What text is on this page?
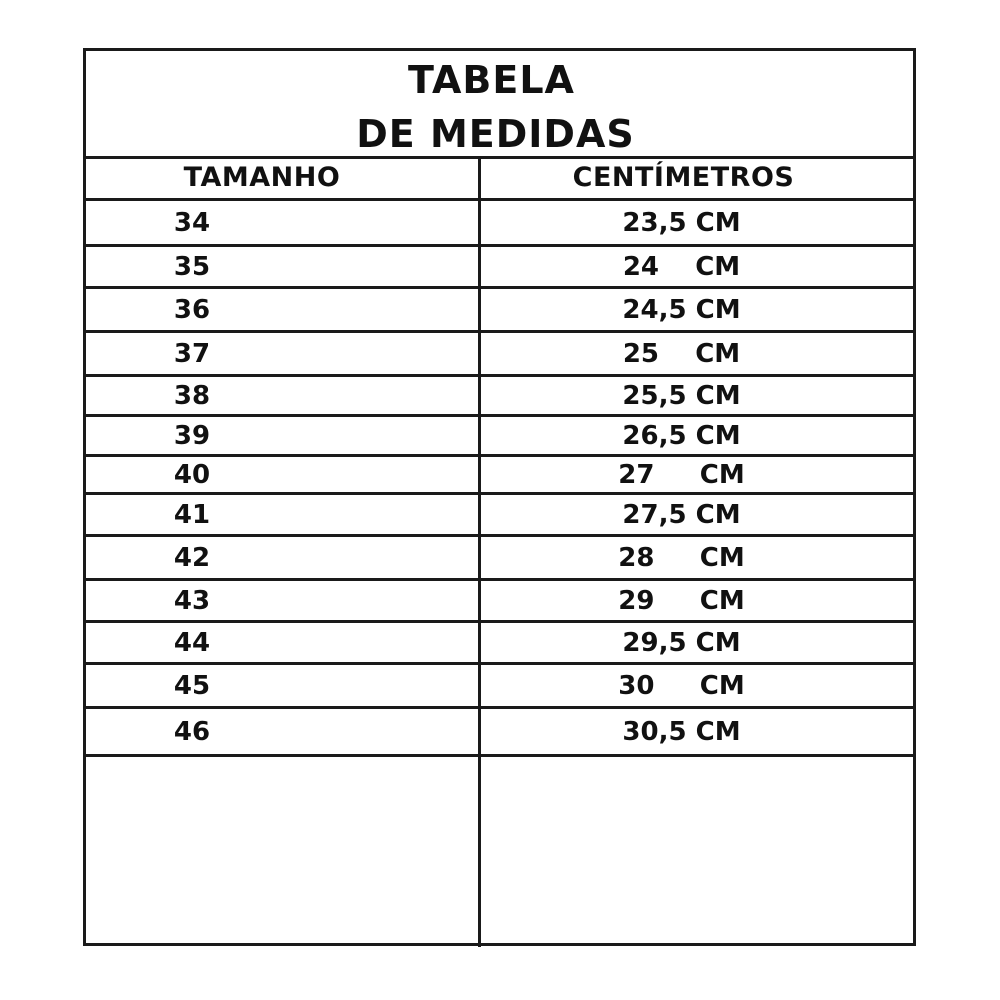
TABELA
DE MEDIDAS
TAMANHO	CENTÍMETROS
34	23,5 CM
35	24    CM
36	24,5 CM
37	25    CM
38	25,5 CM
39	26,5 CM
40	27     CM
41	27,5 CM
42	28     CM
43	29     CM
44	29,5 CM
45	30     CM
46	30,5 CM
